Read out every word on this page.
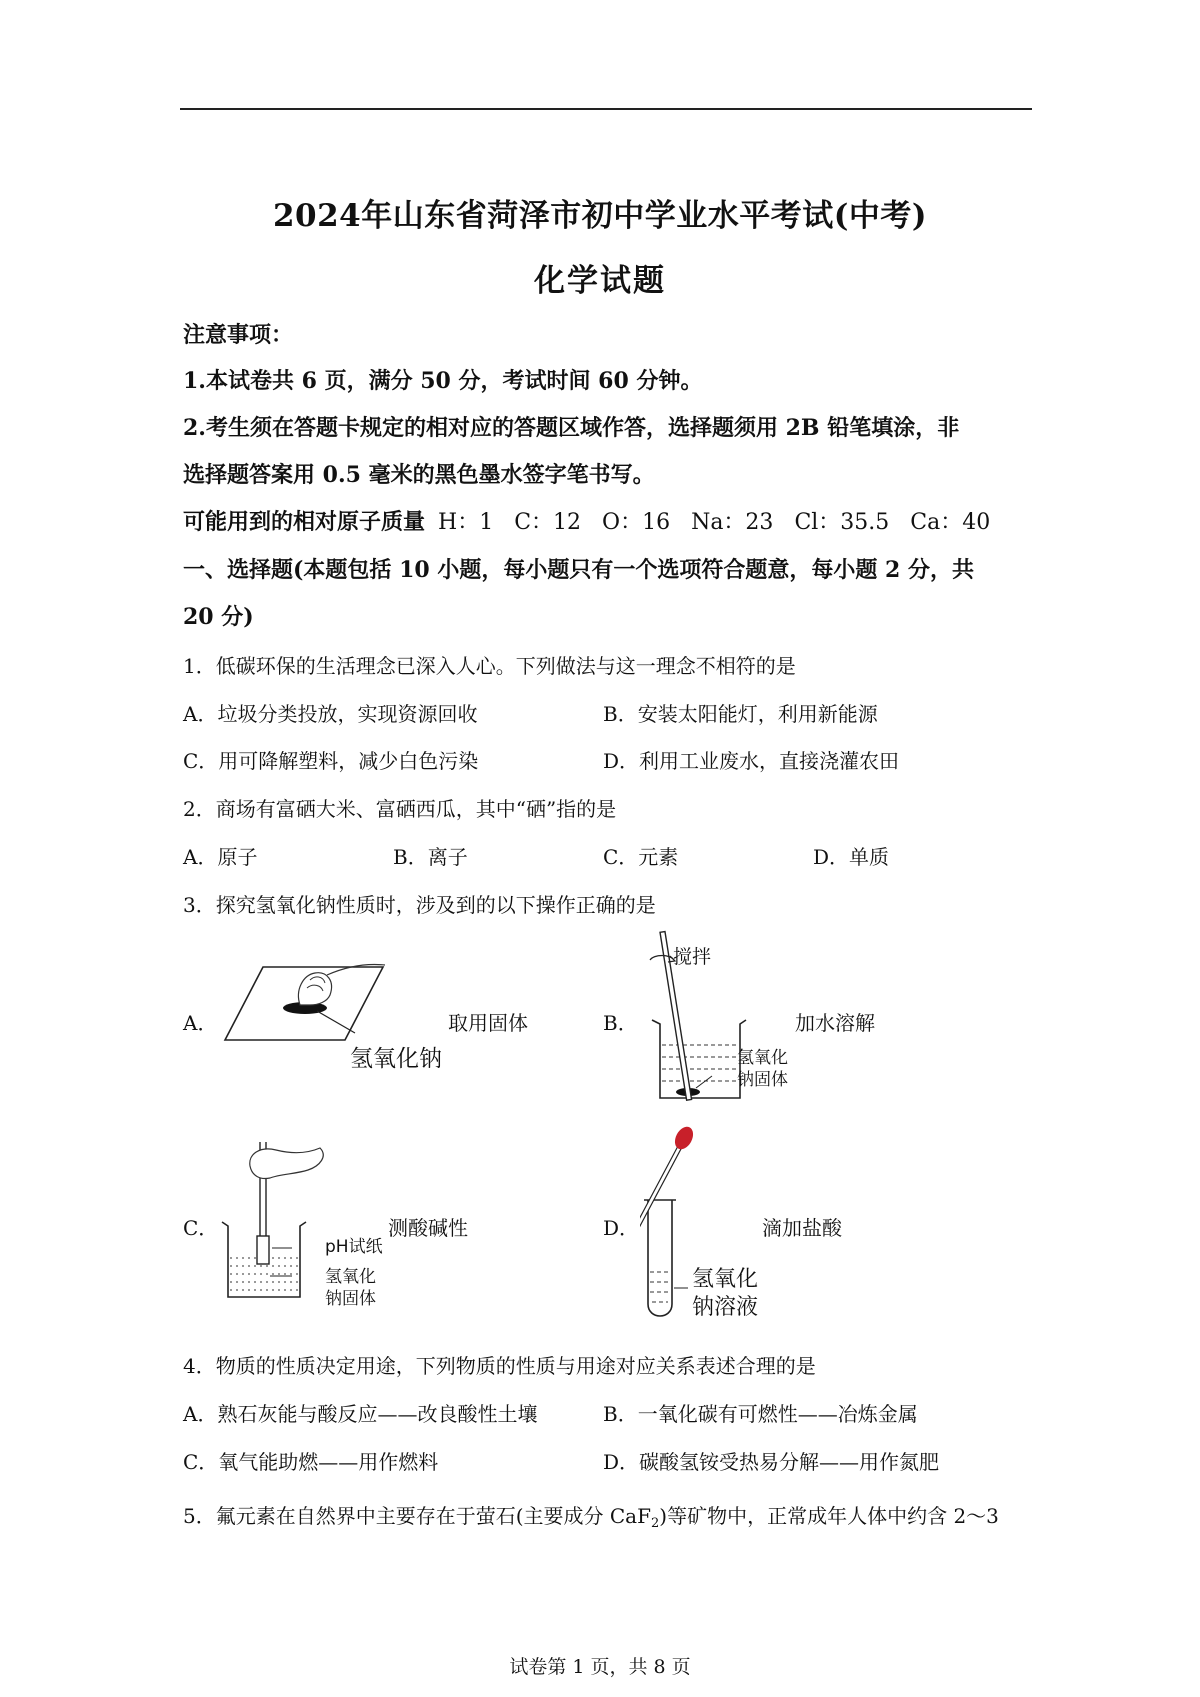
2024年山东省菏泽市初中学业水平考试(中考)
化学试题
注意事项：
1.本试卷共 6 页，满分 50 分，考试时间 60 分钟。
2.考生须在答题卡规定的相对应的答题区域作答，选择题须用 2B 铅笔填涂，非
选择题答案用 0.5 毫米的黑色墨水签字笔书写。
可能用到的相对原子质量 H：1 C：12 O：16 Na：23 Cl：35.5 Ca：40
一、选择题(本题包括 10 小题，每小题只有一个选项符合题意，每小题 2 分，共
20 分)
1．低碳环保的生活理念已深入人心。下列做法与这一理念不相符的是
A．垃圾分类投放，实现资源回收	B．安装太阳能灯，利用新能源
C．用可降解塑料，减少白色污染	D．利用工业废水，直接浇灌农田
2．商场有富硒大米、富硒西瓜，其中“硒”指的是
A．原子	B．离子	C．元素	D．单质
3．探究氢氧化钠性质时，涉及到的以下操作正确的是
A．
氢氧化钠
取用固体	B．
搅拌
氢氧化
钠固体
加水溶解
C．
pH试纸
氢氧化
钠固体
测酸碱性	D．
氢氧化
钠溶液
滴加盐酸
4．物质的性质决定用途，下列物质的性质与用途对应关系表述合理的是
A．熟石灰能与酸反应——改良酸性土壤	B．一氧化碳有可燃性——冶炼金属
C．氧气能助燃——用作燃料	D．碳酸氢铵受热易分解——用作氮肥
5．氟元素在自然界中主要存在于萤石(主要成分 CaF$_2$)等矿物中，正常成年人体中约含 2～3
试卷第 1 页，共 8 页
